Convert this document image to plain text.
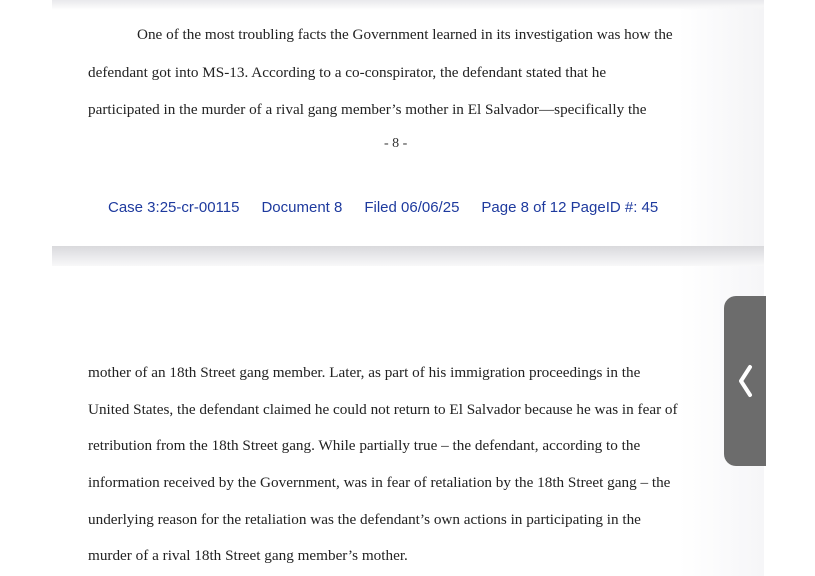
One of the most troubling facts the Government learned in its investigation was how the
defendant got into MS-13. According to a co-conspirator, the defendant stated that he
participated in the murder of a rival gang member’s mother in El Salvador—specifically the
- 8 -
Case 3:25-cr-00115 Document 8 Filed 06/06/25 Page 8 of 12 PageID #: 45
mother of an 18th Street gang member. Later, as part of his immigration proceedings in the
United States, the defendant claimed he could not return to El Salvador because he was in fear of
retribution from the 18th Street gang. While partially true – the defendant, according to the
information received by the Government, was in fear of retaliation by the 18th Street gang – the
underlying reason for the retaliation was the defendant’s own actions in participating in the
murder of a rival 18th Street gang member’s mother.
